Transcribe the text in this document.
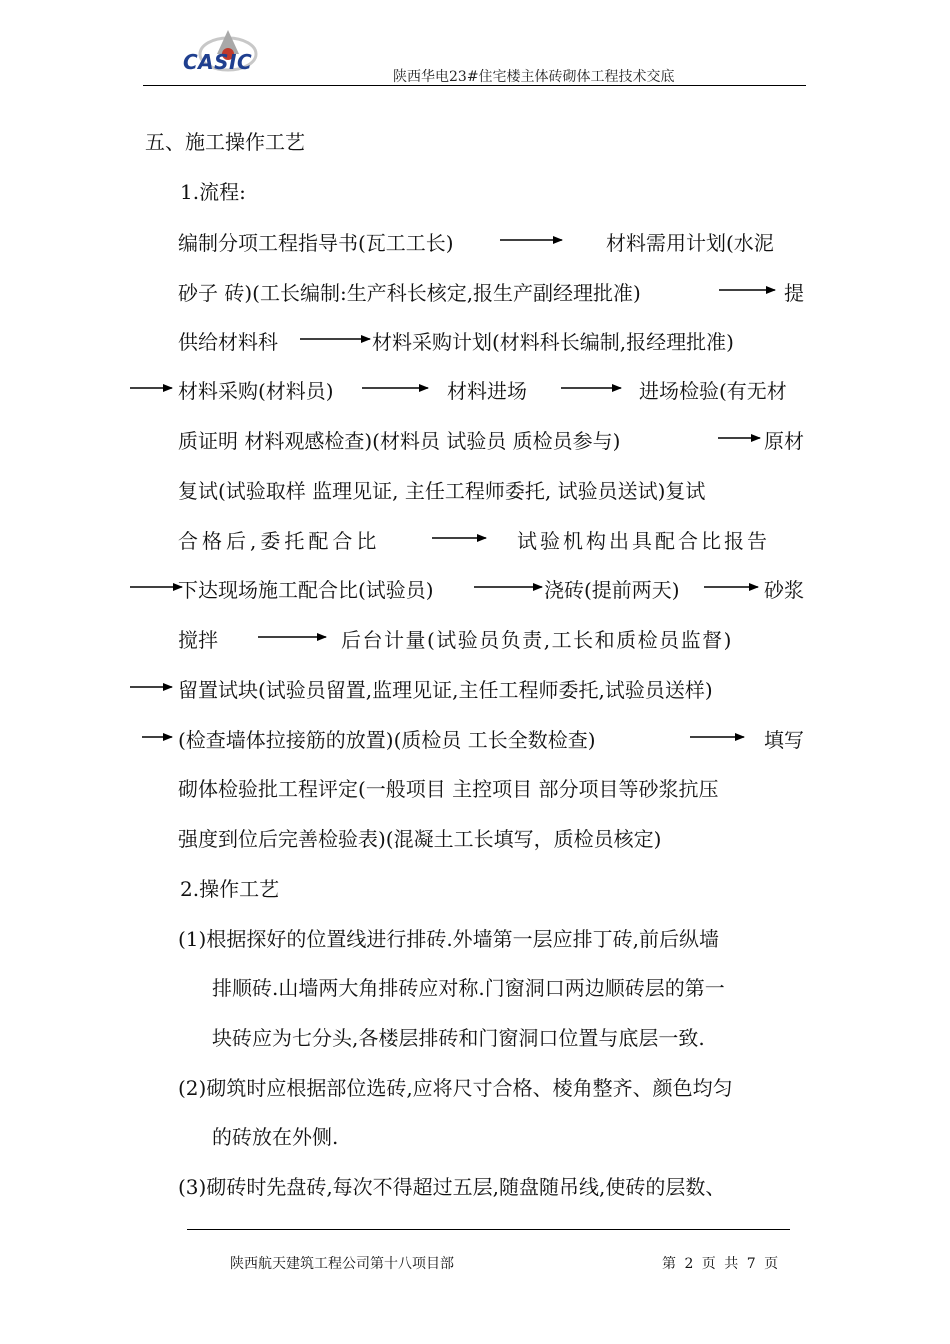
CASIC
陕西华电23#住宅楼主体砖砌体工程技术交底
五、施工操作工艺
1.流程:
编制分项工程指导书(瓦工工长)	材料需用计划(水泥
砂子 砖)(工长编制:生产科长核定,报生产副经理批准)	提
供给材料科	材料采购计划(材料科长编制,报经理批准)
材料采购(材料员)	材料进场	进场检验(有无材
质证明 材料观感检查)(材料员 试验员 质检员参与)	原材
复试(试验取样 监理见证, 主任工程师委托, 试验员送试)复试
合格后,委托配合比	试验机构出具配合比报告
下达现场施工配合比(试验员)	浇砖(提前两天)	砂浆
搅拌	后台计量(试验员负责,工长和质检员监督)
留置试块(试验员留置,监理见证,主任工程师委托,试验员送样)
(检查墙体拉接筋的放置)(质检员 工长全数检查)	填写
砌体检验批工程评定(一般项目 主控项目 部分项目等砂浆抗压
强度到位后完善检验表)(混凝土工长填写，质检员核定)
2.操作工艺
(1)根据探好的位置线进行排砖.外墙第一层应排丁砖,前后纵墙
排顺砖.山墙两大角排砖应对称.门窗洞口两边顺砖层的第一
块砖应为七分头,各楼层排砖和门窗洞口位置与底层一致.
(2)砌筑时应根据部位选砖,应将尺寸合格、棱角整齐、颜色均匀
的砖放在外侧.
(3)砌砖时先盘砖,每次不得超过五层,随盘随吊线,使砖的层数、
陕西航天建筑工程公司第十八项目部	第 2 页 共 7 页
